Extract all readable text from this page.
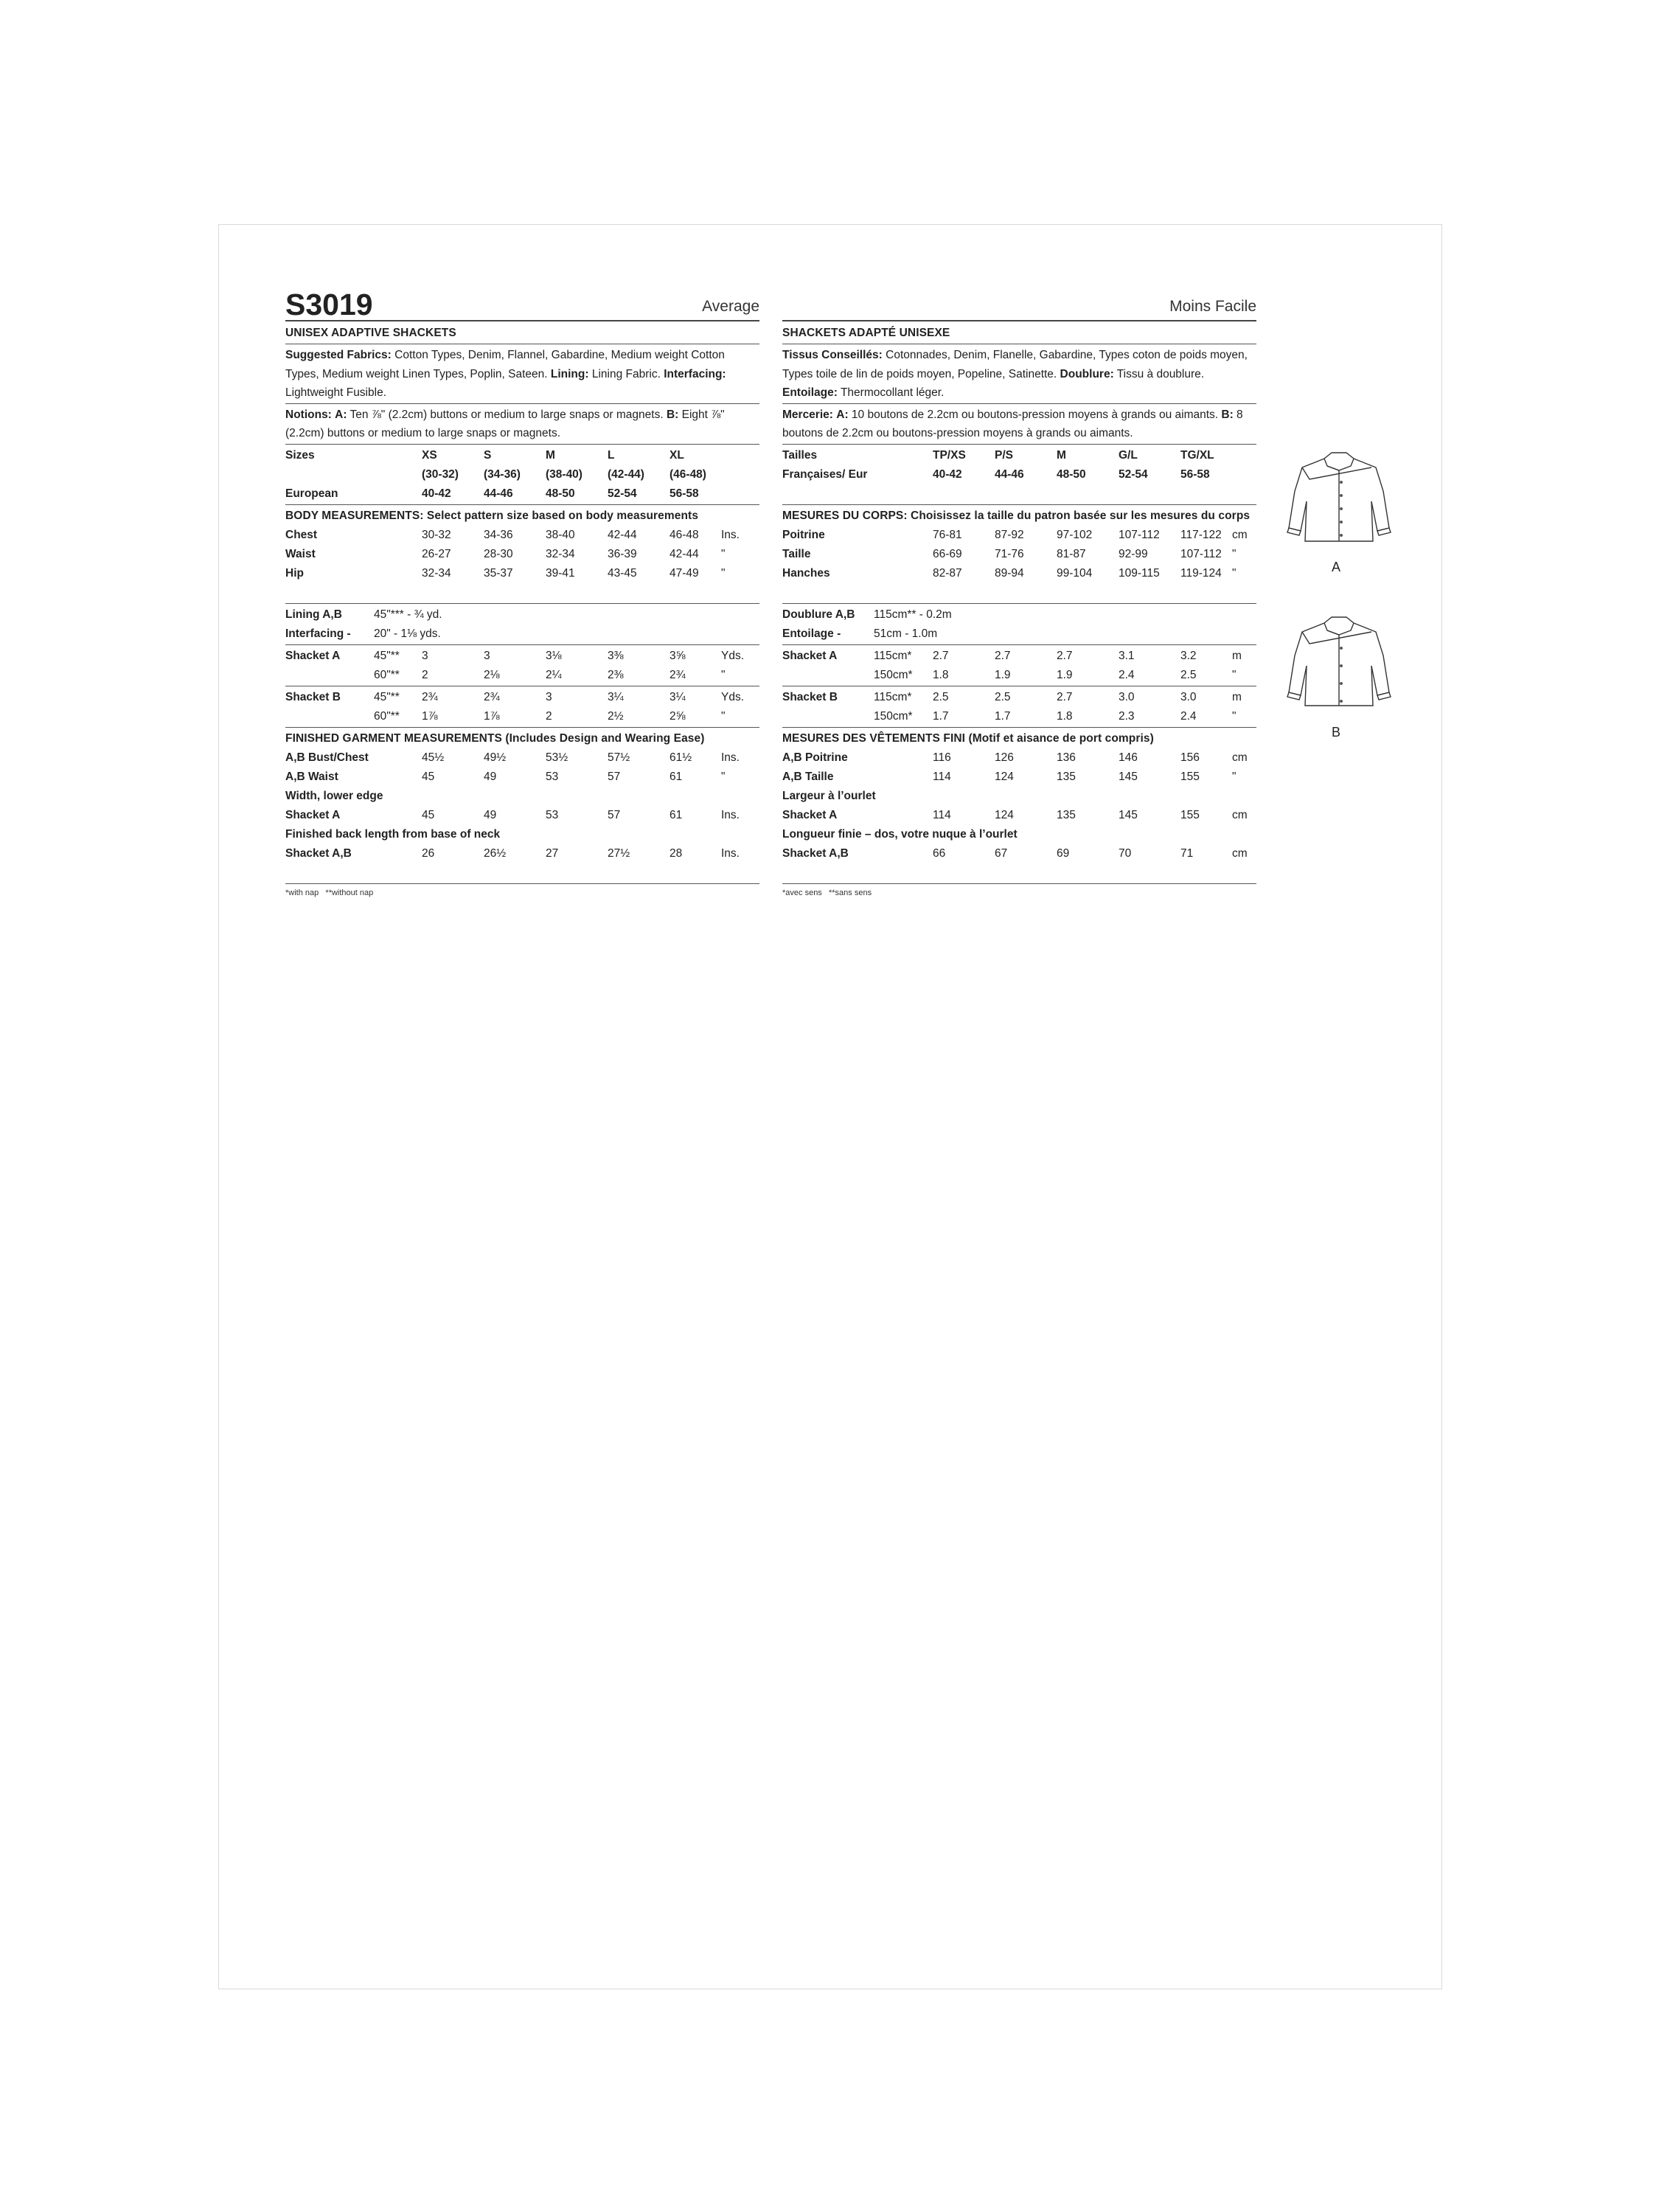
S3019	Average
UNISEX ADAPTIVE SHACKETS
Suggested Fabrics: Cotton Types, Denim, Flannel, Gabardine, Medium weight Cotton Types, Medium weight Linen Types, Poplin, Sateen. Lining: Lining Fabric. Interfacing: Lightweight Fusible.
Notions: A: Ten ⅞" (2.2cm) buttons or medium to large snaps or magnets. B: Eight ⅞" (2.2cm) buttons or medium to large snaps or magnets.
Sizes	XS	S	M	L	XL	
	(30-32)	(34-36)	(38-40)	(42-44)	(46-48)	
European	40-42	44-46	48-50	52-54	56-58	
BODY MEASUREMENTS: Select pattern size based on body measurements
Chest	30-32	34-36	38-40	42-44	46-48	Ins.
Waist	26-27	28-30	32-34	36-39	42-44	"
Hip	32-34	35-37	39-41	43-45	47-49	"
Lining A,B	45"*** - ¾ yd.
Interfacing -	20" - 1⅛ yds.
Shacket A	45"**	3	3	3⅛	3⅜	3⅝	Yds.
	60"**	2	2⅛	2¼	2⅜	2¾	"
Shacket B	45"**	2¾	2¾	3	3¼	3¼	Yds.
	60"**	1⅞	1⅞	2	2½	2⅝	"
FINISHED GARMENT MEASUREMENTS (Includes Design and Wearing Ease)
A,B Bust/Chest	45½	49½	53½	57½	61½	Ins.
A,B Waist	45	49	53	57	61	"
Width, lower edge						
Shacket A	45	49	53	57	61	Ins.
Finished back length from base of neck						
Shacket A,B	26	26½	27	27½	28	Ins.
*with nap   **without nap
Moins Facile
SHACKETS ADAPTÉ UNISEXE
Tissus Conseillés: Cotonnades, Denim, Flanelle, Gabardine, Types coton de poids moyen, Types toile de lin de poids moyen, Popeline, Satinette. Doublure: Tissu à doublure. Entoilage: Thermocollant léger.
Mercerie: A: 10 boutons de 2.2cm ou boutons-pression moyens à grands ou aimants. B: 8 boutons de 2.2cm ou boutons-pression moyens à grands ou aimants.
Tailles	TP/XS	P/S	M	G/L	TG/XL	
Françaises/ Eur	40-42	44-46	48-50	52-54	56-58	
MESURES DU CORPS: Choisissez la taille du patron basée sur les mesures du corps
Poitrine	76-81	87-92	97-102	107-112	117-122	cm
Taille	66-69	71-76	81-87	92-99	107-112	"
Hanches	82-87	89-94	99-104	109-115	119-124	"
Doublure A,B	115cm** - 0.2m
Entoilage -	51cm - 1.0m
Shacket A	115cm*	2.7	2.7	2.7	3.1	3.2	m
	150cm*	1.8	1.9	1.9	2.4	2.5	"
Shacket B	115cm*	2.5	2.5	2.7	3.0	3.0	m
	150cm*	1.7	1.7	1.8	2.3	2.4	"
MESURES DES VÊTEMENTS FINI (Motif et aisance de port compris)
A,B Poitrine	116	126	136	146	156	cm
A,B Taille	114	124	135	145	155	"
Largeur à l’ourlet						
Shacket A	114	124	135	145	155	cm
Longueur finie – dos, votre nuque à l’ourlet						
Shacket A,B	66	67	69	70	71	cm
*avec sens   **sans sens
A
B
